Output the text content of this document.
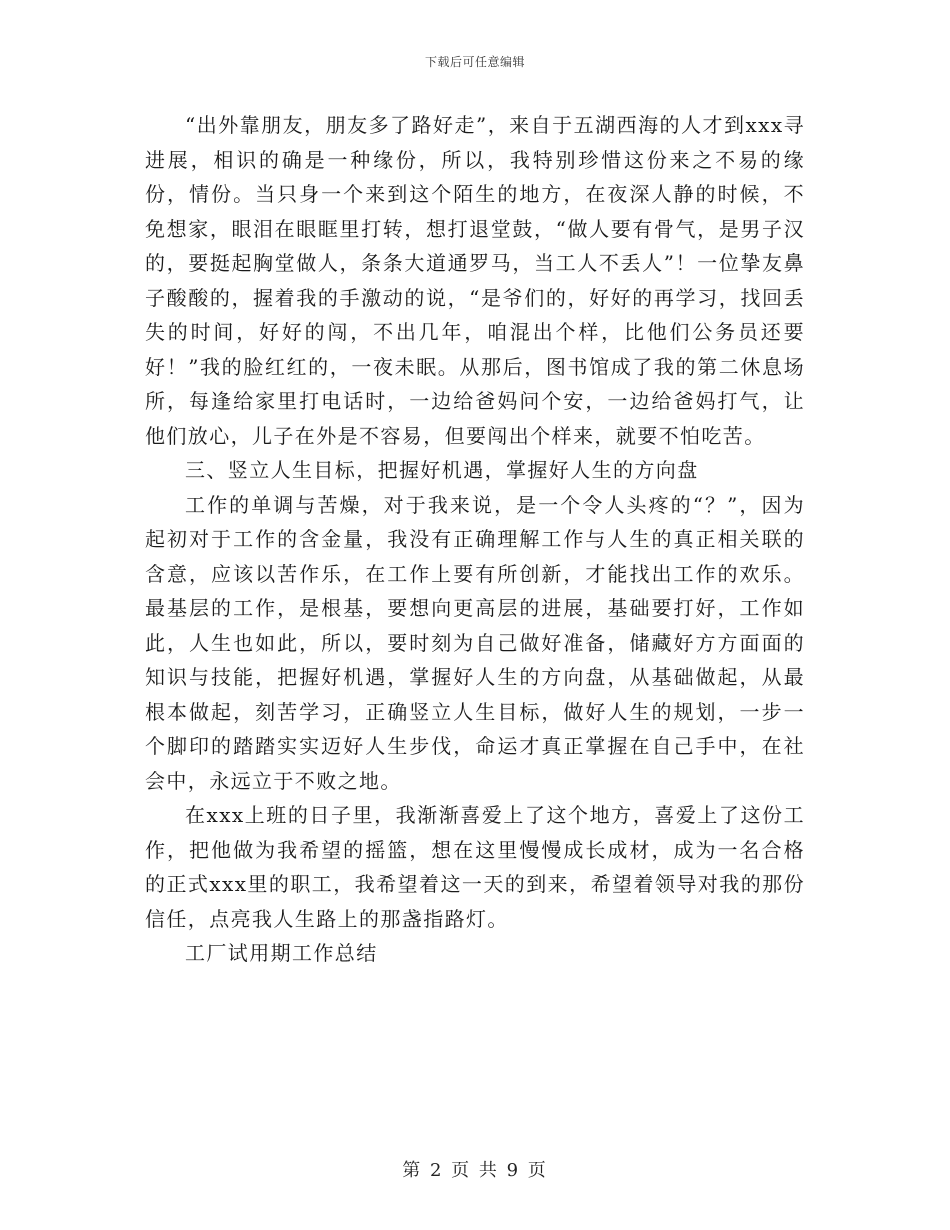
下载后可任意编辑

“出外靠朋友，朋友多了路好走”，来自于五湖西海的人才到xxx寻进展，相识的确是一种缘份，所以，我特别珍惜这份来之不易的缘份，情份。当只身一个来到这个陌生的地方，在夜深人静的时候，不免想家，眼泪在眼眶里打转，想打退堂鼓，“做人要有骨气，是男子汉的，要挺起胸堂做人，条条大道通罗马，当工人不丢人”！一位挚友鼻子酸酸的，握着我的手激动的说，“是爷们的，好好的再学习，找回丢失的时间，好好的闯，不出几年，咱混出个样，比他们公务员还要好！”我的脸红红的，一夜未眠。从那后，图书馆成了我的第二休息场所，每逢给家里打电话时，一边给爸妈问个安，一边给爸妈打气，让他们放心，儿子在外是不容易，但要闯出个样来，就要不怕吃苦。

三、竖立人生目标，把握好机遇，掌握好人生的方向盘

工作的单调与苦燥，对于我来说，是一个令人头疼的“？”，因为起初对于工作的含金量，我没有正确理解工作与人生的真正相关联的含意，应该以苦作乐，在工作上要有所创新，才能找出工作的欢乐。最基层的工作，是根基，要想向更高层的进展，基础要打好，工作如此，人生也如此，所以，要时刻为自己做好准备，储藏好方方面面的知识与技能，把握好机遇，掌握好人生的方向盘，从基础做起，从最根本做起，刻苦学习，正确竖立人生目标，做好人生的规划，一步一个脚印的踏踏实实迈好人生步伐，命运才真正掌握在自己手中，在社会中，永远立于不败之地。

在xxx上班的日子里，我渐渐喜爱上了这个地方，喜爱上了这份工作，把他做为我希望的摇篮，想在这里慢慢成长成材，成为一名合格的正式xxx里的职工，我希望着这一天的到来，希望着领导对我的那份信任，点亮我人生路上的那盏指路灯。

工厂试用期工作总结

第 2 页 共 9 页
